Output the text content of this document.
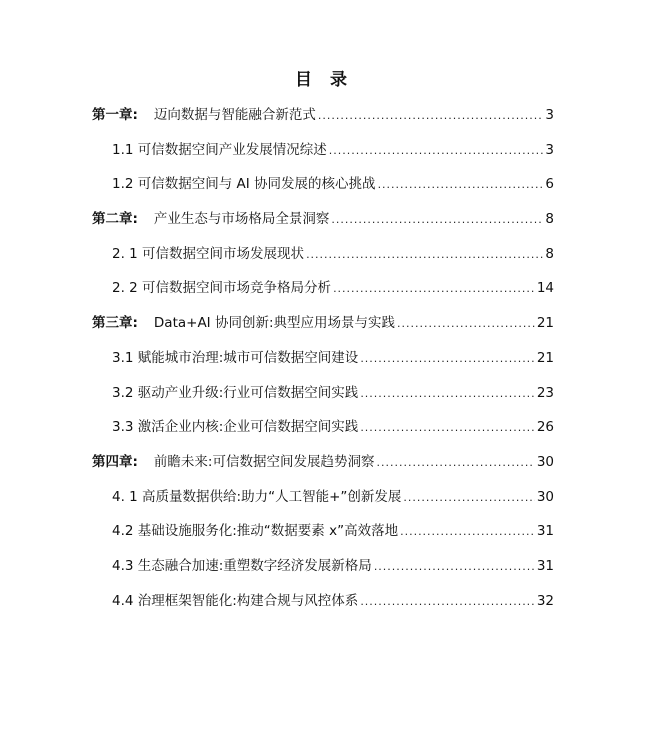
目 录
第一章: 迈向数据与智能融合新范式 .....	3
1.1 可信数据空间产业发展情况综述 .....	3
1.2 可信数据空间与 AI 协同发展的核心挑战 .....	6
第二章: 产业生态与市场格局全景洞察 .....	8
2. 1 可信数据空间市场发展现状 .....	8
2. 2 可信数据空间市场竞争格局分析 .....	14
第三章: Data+AI 协同创新:典型应用场景与实践 .....	21
3.1 赋能城市治理:城市可信数据空间建设 .....	21
3.2 驱动产业升级:行业可信数据空间实践 .....	23
3.3 激活企业内核:企业可信数据空间实践 .....	26
第四章: 前瞻未来:可信数据空间发展趋势洞察 .....	30
4. 1 高质量数据供给:助力“人工智能+”创新发展 .....	30
4.2 基础设施服务化:推动“数据要素 x”高效落地 .....	31
4.3 生态融合加速:重塑数字经济发展新格局 .....	31
4.4 治理框架智能化:构建合规与风控体系 .....	32
